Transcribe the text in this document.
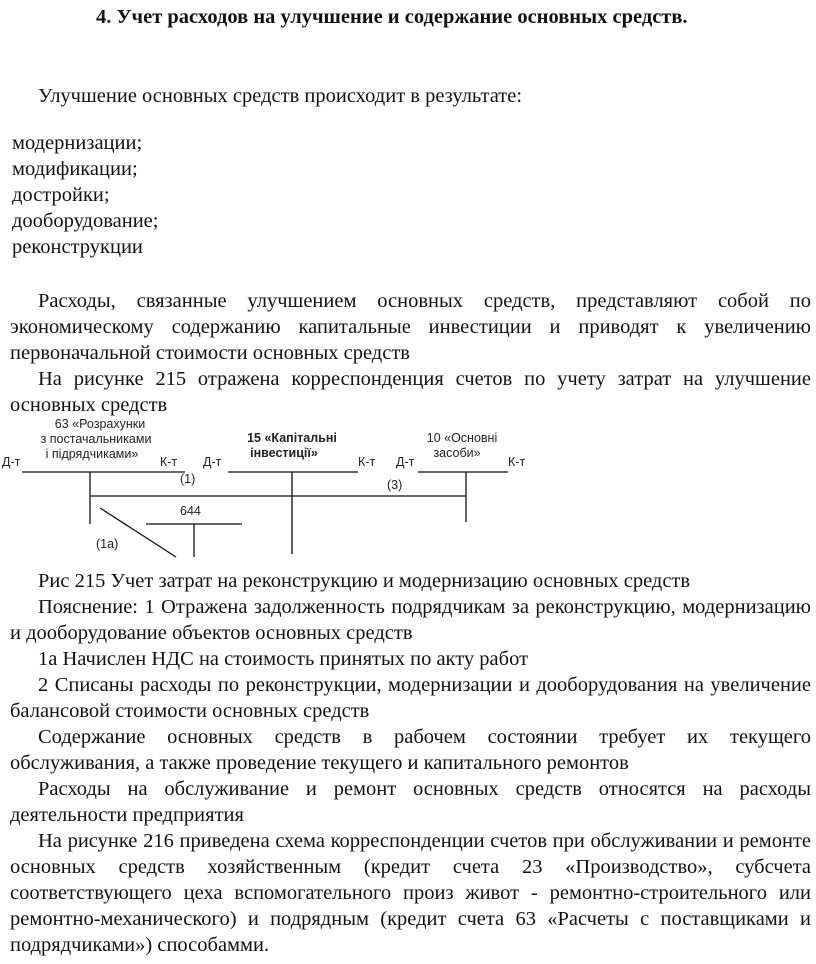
4. Учет расходов на улучшение и содержание основных средств.
Улучшение основных средств происходит в результате:
модернизации;
модификации;
достройки;
дооборудование;
реконструкции
Расходы, связанные улучшением основных средств, представляют собой по экономическому содержанию капитальные инвестиции и приводят к увеличению первоначальной стоимости основных средств
На рисунке 215 отражена корреспонденция счетов по учету затрат на улучшение основных средств
63 «Розрахунки
з постачальниками
і підрядчиками»
Д-т	К-т
15 «Капітальні
інвестиції»
Д-т	К-т
10 «Основні
засоби»
Д-т	К-т
(1)	(3)
644
(1а)
Рис 215 Учет затрат на реконструкцию и модернизацию основных средств
Пояснение: 1 Отражена задолженность подрядчикам за реконструкцию, модернизацию и дооборудование объектов основных средств
1а Начислен НДС на стоимость принятых по акту работ
2 Списаны расходы по реконструкции, модернизации и дооборудования на увеличение балансовой стоимости основных средств
Содержание основных средств в рабочем состоянии требует их текущего обслуживания, а также проведение текущего и капитального ремонтов
Расходы на обслуживание и ремонт основных средств относятся на расходы деятельности предприятия
На рисунке 216 приведена схема корреспонденции счетов при обслуживании и ремонте основных средств хозяйственным (кредит счета 23 «Производство», субсчета соответствующего цеха вспомогательного произ живот - ремонтно-строительного или ремонтно-механического) и подрядным (кредит счета 63 «Расчеты с поставщиками и подрядчиками») способамми.
